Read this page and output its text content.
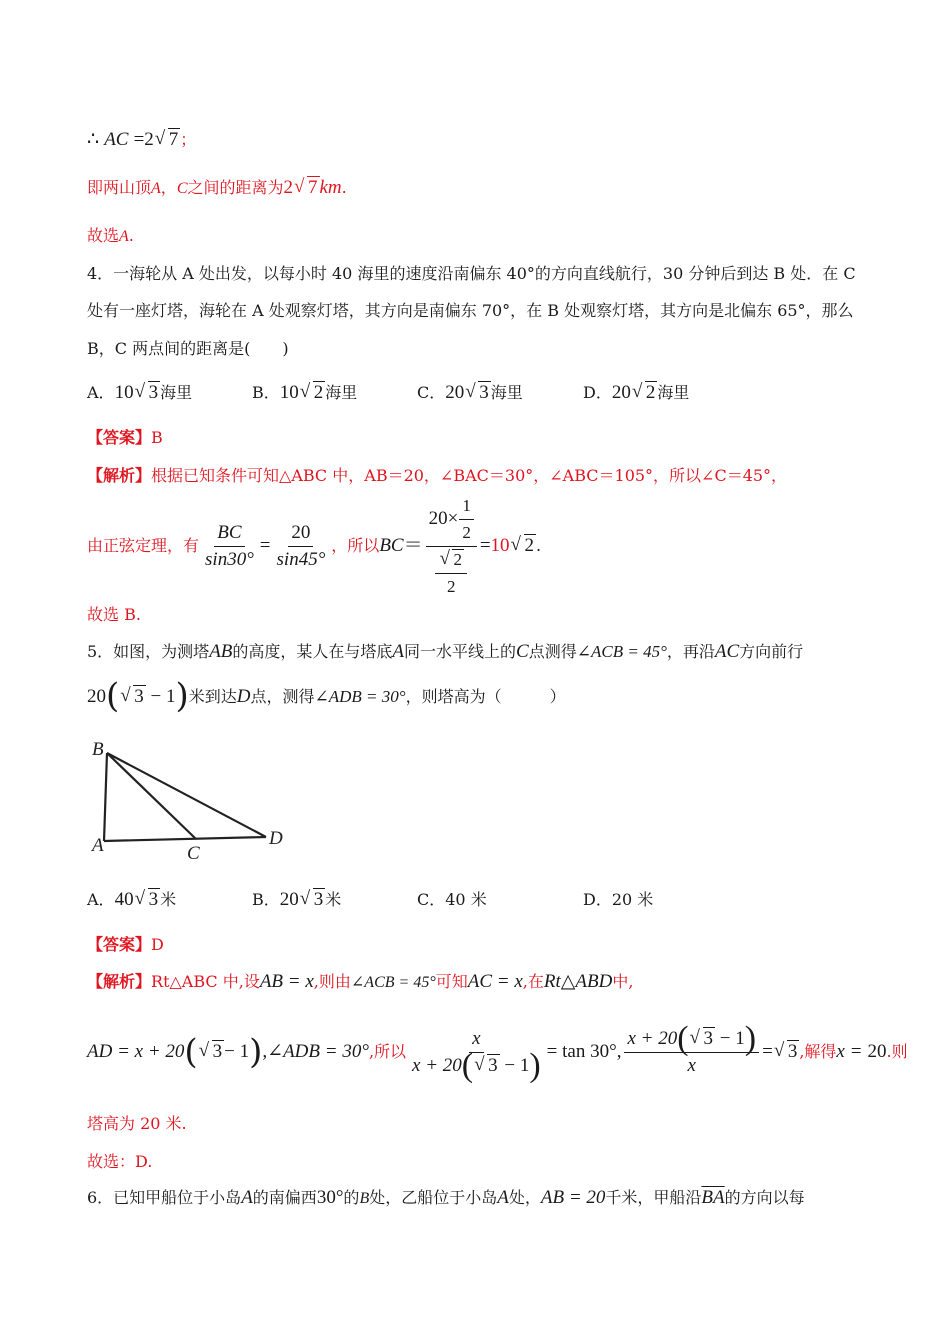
∴ AC =2 √ 7 ；
即两山顶A，C之间的距离为2 √ 7 km.
故选A.
4．一海轮从 A 处出发，以每小时 40 海里的速度沿南偏东 40°的方向直线航行，30 分钟后到达 B 处．在 C
处有一座灯塔，海轮在 A 处观察灯塔，其方向是南偏东 70°，在 B 处观察灯塔，其方向是北偏东 65°，那么
B，C 两点间的距离是(　　)
A．10 √ 3 海里	B．10 √ 2 海里	C．20 √ 3 海里	D．20 √ 2 海里
【答案】B
【解析】根据已知条件可知△ABC 中，AB＝20，∠BAC＝30°，∠ABC＝105°，所以∠C＝45°，
由正弦定理，有 $\frac{BC}{\sin 30^\circ} = \frac{20}{\sin 45^\circ}$ ，所以 BC ＝ $20\times \frac{1}{2}$
√ $\frac{2}{2} = 10$ √ 2 .
故选 B.
5．如图，为测塔AB的高度，某人在与塔底A同一水平线上的C点测得∠ACB = 45°，再沿AC方向前行
20( √ 3 − 1)米到达D点，测得∠ADB = 30°，则塔高为（　　　）
B
A	C
D
A．40 √ 3 米	B．20 √ 3 米	C．40 米	D．20 米
【答案】D
【解析】Rt△ABC 中,设AB = x,则由∠ACB = 45°可知AC = x,在Rt△ABD中,
AD = x + 20 ( √ 3 − 1 ) ,∠ADB = 30° ,所以 $\frac{x}{x + 20( √ 3 - 1)} = \tan 30^\circ$, $\frac{x + 20( √ 3 - 1)}{x}$ = √ 3 ,解得 x =
20 .则
塔高为 20 米.
故选：D.
6．已知甲船位于小岛A的南偏西30°的B处，乙船位于小岛A处，AB = 20千米，甲船沿$\overline{BA}$的方向以每
